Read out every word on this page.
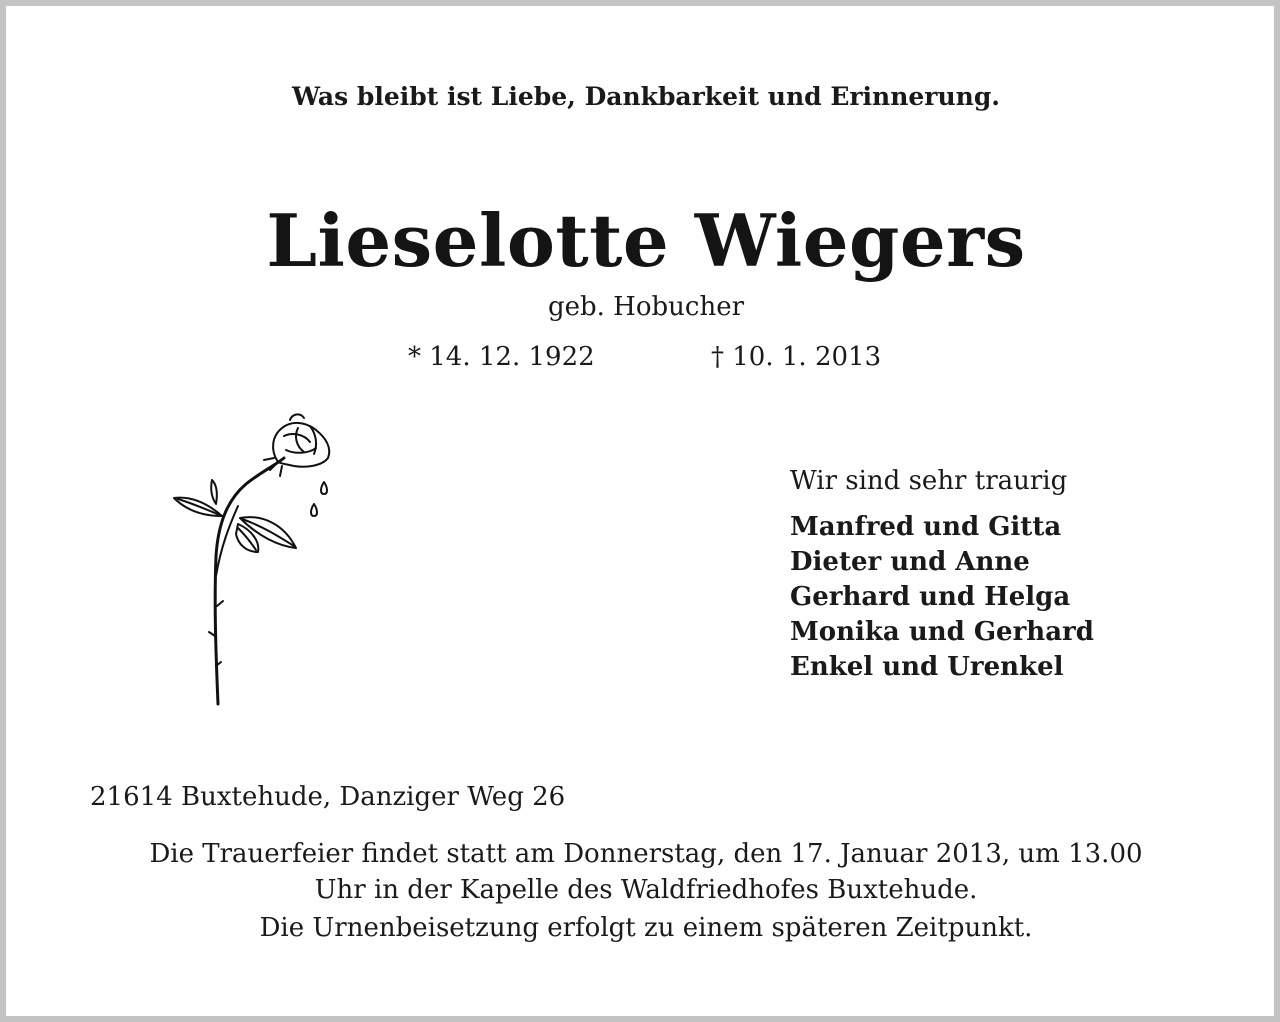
Was bleibt ist Liebe, Dankbarkeit und Erinnerung.
Lieselotte Wiegers
geb. Hobucher
* 14. 12. 1922	† 10. 1. 2013

Wir sind sehr traurig

Manfred und Gitta
Dieter und Anne
Gerhard und Helga
Monika und Gerhard
Enkel und Urenkel
21614 Buxtehude, Danziger Weg 26
Die Trauerfeier findet statt am Donnerstag, den 17. Januar 2013, um 13.00 Uhr in der Kapelle des Waldfriedhofes Buxtehude.
Die Urnenbeisetzung erfolgt zu einem späteren Zeitpunkt.
